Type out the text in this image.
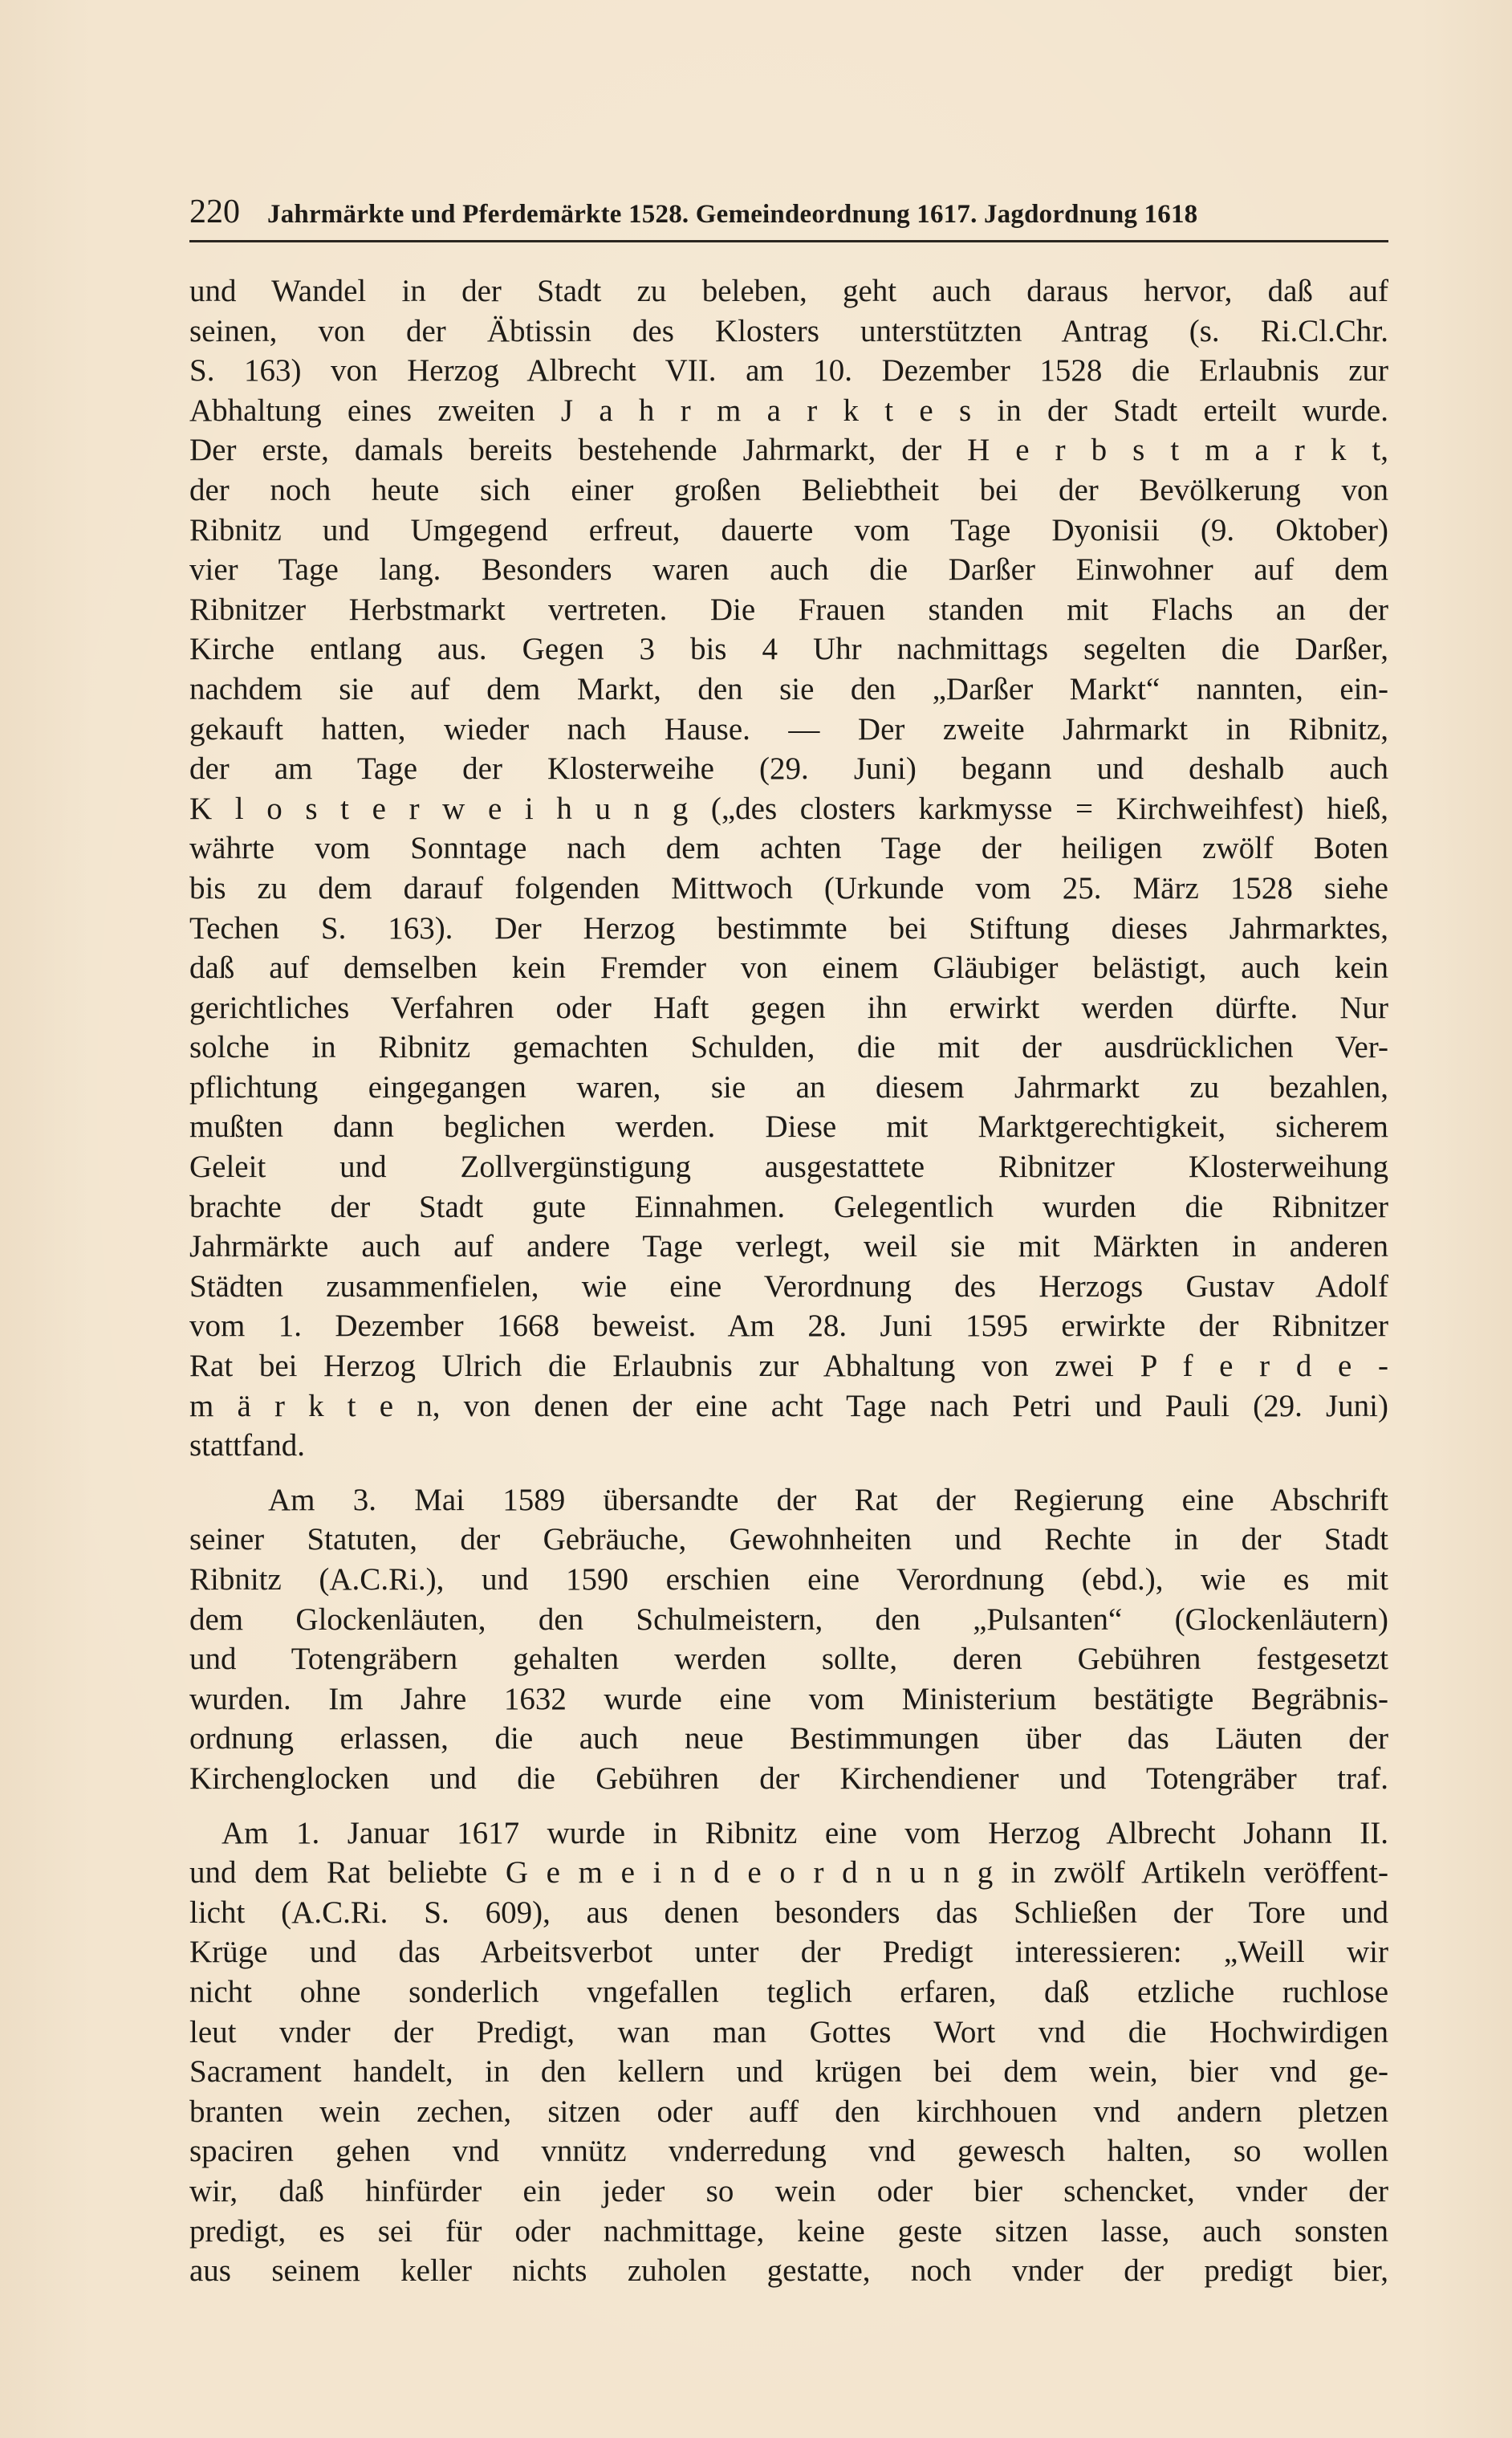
220 Jahrmärkte und Pferdemärkte 1528. Gemeindeordnung 1617. Jagdordnung 1618
und Wandel in der Stadt zu beleben, geht auch daraus hervor, daß auf
seinen, von der Äbtissin des Klosters unterstützten Antrag (s. Ri.Cl.Chr.
S. 163) von Herzog Albrecht VII. am 10. Dezember 1528 die Erlaubnis zur
Abhaltung eines zweiten J a h r m a r k t e s in der Stadt erteilt wurde.
Der erste, damals bereits bestehende Jahrmarkt, der H e r b s t m a r k t,
der noch heute sich einer großen Beliebtheit bei der Bevölkerung von
Ribnitz und Umgegend erfreut, dauerte vom Tage Dyonisii (9. Oktober)
vier Tage lang. Besonders waren auch die Darßer Einwohner auf dem
Ribnitzer Herbstmarkt vertreten. Die Frauen standen mit Flachs an der
Kirche entlang aus. Gegen 3 bis 4 Uhr nachmittags segelten die Darßer,
nachdem sie auf dem Markt, den sie den „Darßer Markt“ nannten, ein-
gekauft hatten, wieder nach Hause. — Der zweite Jahrmarkt in Ribnitz,
der am Tage der Klosterweihe (29. Juni) begann und deshalb auch
K l o s t e r w e i h u n g („des closters karkmysse = Kirchweihfest) hieß,
währte vom Sonntage nach dem achten Tage der heiligen zwölf Boten
bis zu dem darauf folgenden Mittwoch (Urkunde vom 25. März 1528 siehe
Techen S. 163). Der Herzog bestimmte bei Stiftung dieses Jahrmarktes,
daß auf demselben kein Fremder von einem Gläubiger belästigt, auch kein
gerichtliches Verfahren oder Haft gegen ihn erwirkt werden dürfte. Nur
solche in Ribnitz gemachten Schulden, die mit der ausdrücklichen Ver-
pflichtung eingegangen waren, sie an diesem Jahrmarkt zu bezahlen,
mußten dann beglichen werden. Diese mit Marktgerechtigkeit, sicherem
Geleit und Zollvergünstigung ausgestattete Ribnitzer Klosterweihung
brachte der Stadt gute Einnahmen. Gelegentlich wurden die Ribnitzer
Jahrmärkte auch auf andere Tage verlegt, weil sie mit Märkten in anderen
Städten zusammenfielen, wie eine Verordnung des Herzogs Gustav Adolf
vom 1. Dezember 1668 beweist. Am 28. Juni 1595 erwirkte der Ribnitzer
Rat bei Herzog Ulrich die Erlaubnis zur Abhaltung von zwei P f e r d e -
m ä r k t e n, von denen der eine acht Tage nach Petri und Pauli (29. Juni)
stattfand.
Am 3. Mai 1589 übersandte der Rat der Regierung eine Abschrift
seiner Statuten, der Gebräuche, Gewohnheiten und Rechte in der Stadt
Ribnitz (A.C.Ri.), und 1590 erschien eine Verordnung (ebd.), wie es mit
dem Glockenläuten, den Schulmeistern, den „Pulsanten“ (Glockenläutern)
und Totengräbern gehalten werden sollte, deren Gebühren festgesetzt
wurden. Im Jahre 1632 wurde eine vom Ministerium bestätigte Begräbnis-
ordnung erlassen, die auch neue Bestimmungen über das Läuten der
Kirchenglocken und die Gebühren der Kirchendiener und Totengräber traf.
Am 1. Januar 1617 wurde in Ribnitz eine vom Herzog Albrecht Johann II.
und dem Rat beliebte G e m e i n d e o r d n u n g in zwölf Artikeln veröffent-
licht (A.C.Ri. S. 609), aus denen besonders das Schließen der Tore und
Krüge und das Arbeitsverbot unter der Predigt interessieren: „Weill wir
nicht ohne sonderlich vngefallen teglich erfaren, daß etzliche ruchlose
leut vnder der Predigt, wan man Gottes Wort vnd die Hochwirdigen
Sacrament handelt, in den kellern und krügen bei dem wein, bier vnd ge-
branten wein zechen, sitzen oder auff den kirchhouen vnd andern pletzen
spaciren gehen vnd vnnütz vnderredung vnd gewesch halten, so wollen
wir, daß hinfürder ein jeder so wein oder bier schencket, vnder der
predigt, es sei für oder nachmittage, keine geste sitzen lasse, auch sonsten
aus seinem keller nichts zuholen gestatte, noch vnder der predigt bier,
